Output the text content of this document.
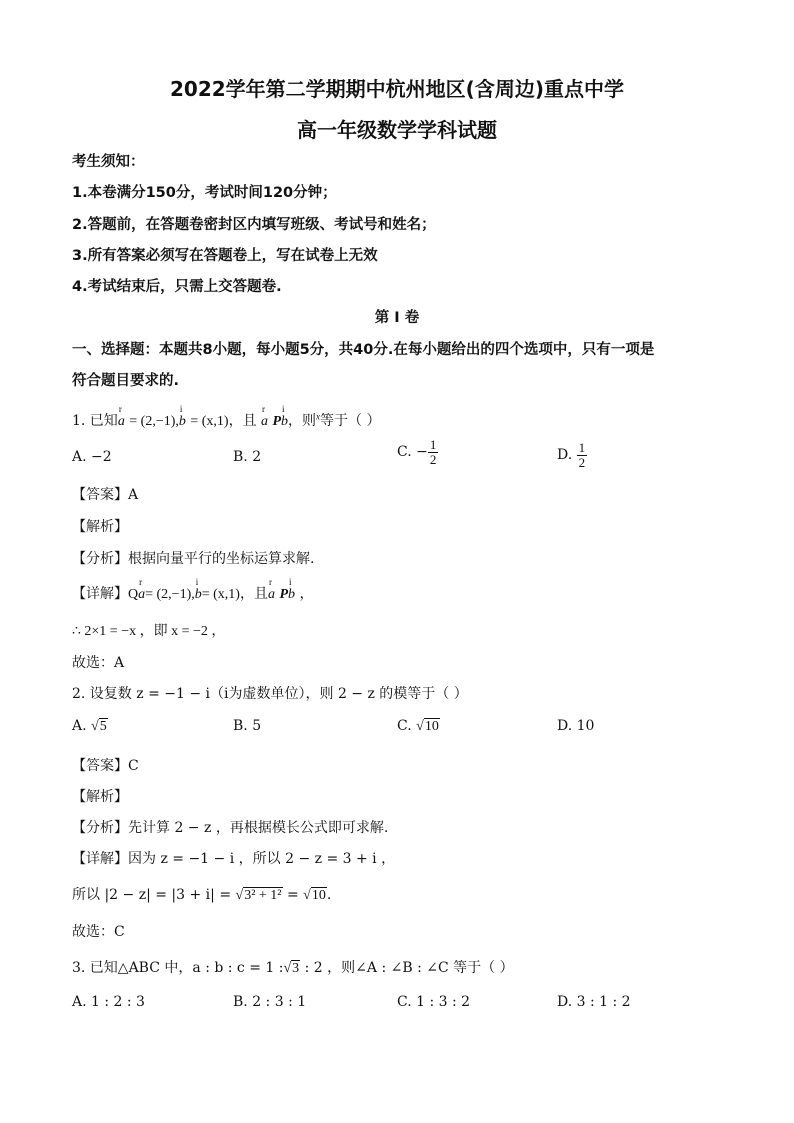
2022学年第二学期期中杭州地区(含周边)重点中学
高一年级数学学科试题
考生须知：
1.本卷满分150分，考试时间120分钟；
2.答题前，在答题卷密封区内填写班级、考试号和姓名；
3.所有答案必须写在答题卷上，写在试卷上无效
4.考试结束后，只需上交答题卷.
第 I 卷
一、选择题：本题共8小题，每小题5分，共40分.在每小题给出的四个选项中，只有一项是
符合题目要求的.
1. 已知
r
a = (2,−1),
i
b = (x,1)，且
r
a P
i
b，则$^x$等于（ ）
A. −2	B. 2	C. − $\frac{1}{2}$	D. $\frac{1}{2}$
【答案】A
【解析】
【分析】根据向量平行的坐标运算求解.
【详解】Q
r
a= (2,−1),
i
b= (x,1)，且
r
a P
i
b ，
∴ 2×1 = −x ，即 x = −2 ，
故选：A
2. 设复数 z = −1 − i（i为虚数单位），则 2 − z 的模等于（ ）
A. √5	B. 5	C. √10	D. 10
【答案】C
【解析】
【分析】先计算 2 − z ，再根据模长公式即可求解.
【详解】因为 z = −1 − i ，所以 2 − z = 3 + i ，
所以 |2 − z| = |3 + i| = √3² + 1² = √10.
故选：C
3. 已知△ABC 中，a : b : c = 1 :√3 : 2 ，则∠A : ∠B : ∠C 等于（ ）
A. 1 : 2 : 3	B. 2 : 3 : 1	C. 1 : 3 : 2	D. 3 : 1 : 2
